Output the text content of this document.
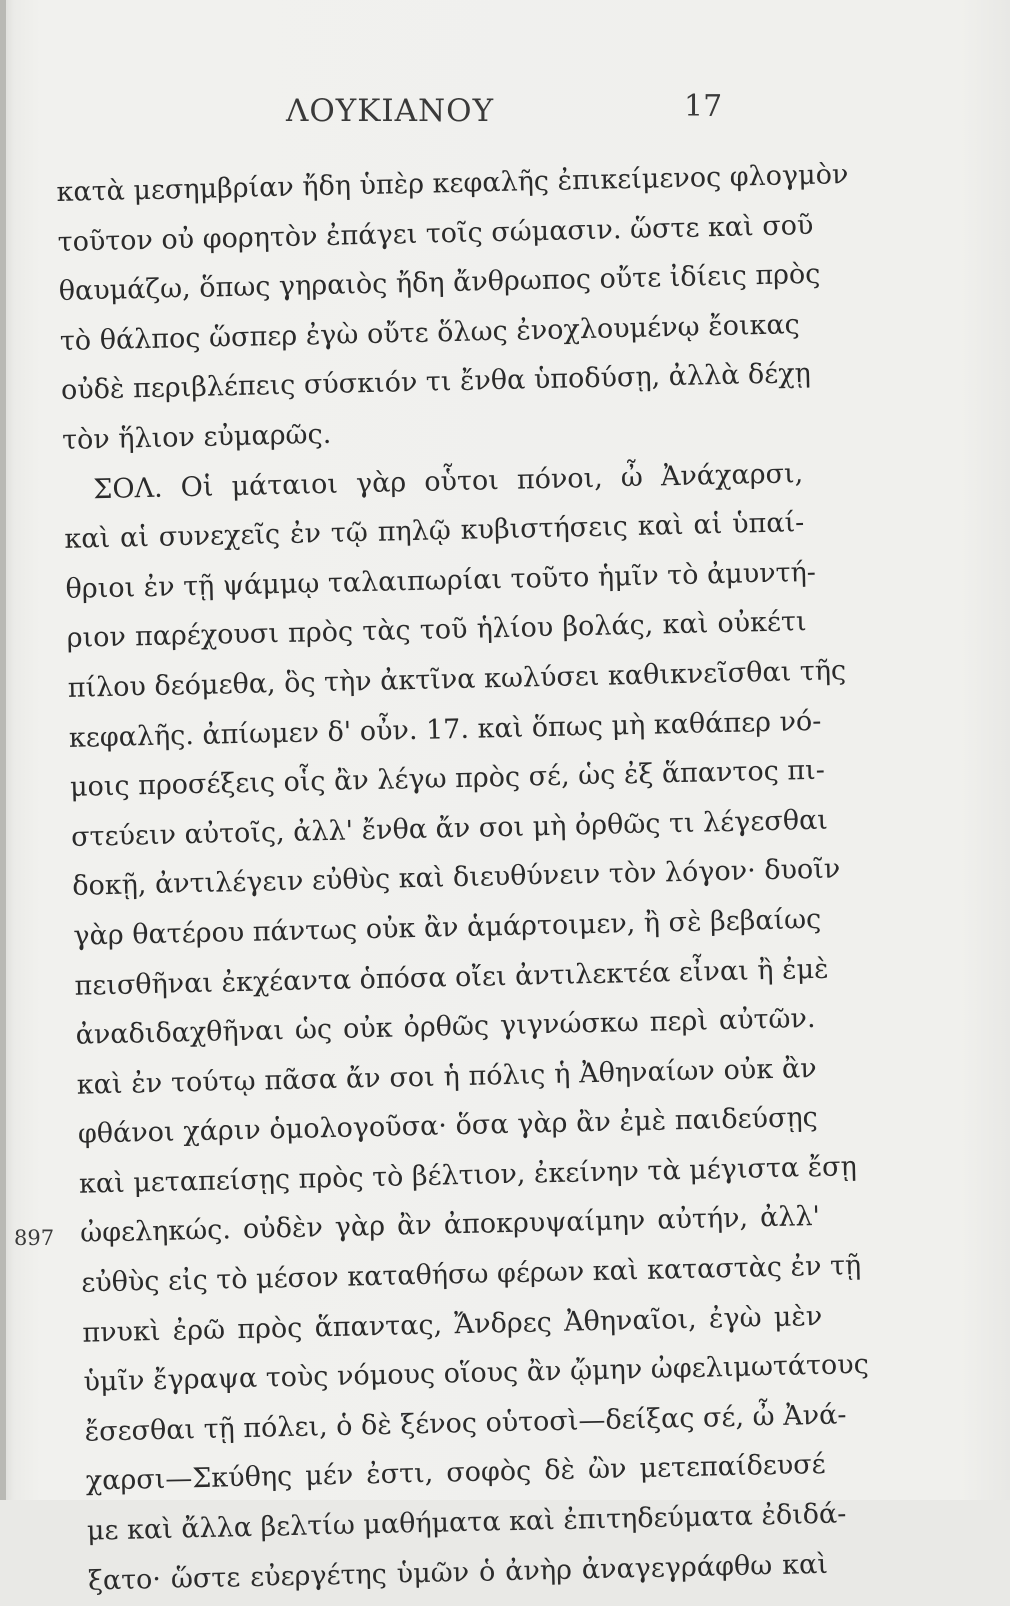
ΛΟΥΚΙΑΝΟΥ	17
κατὰ μεσημβρίαν ἤδη ὑπὲρ κεφαλῆς ἐπικείμενος φλογμὸν
τοῦτον οὐ φορητὸν ἐπάγει τοῖς σώμασιν. ὥστε καὶ σοῦ
θαυμάζω, ὅπως γηραιὸς ἤδη ἄνθρωπος οὔτε ἰδίεις πρὸς
τὸ θάλπος ὥσπερ ἐγὼ οὔτε ὅλως ἐνοχλουμένῳ ἔοικας
οὐδὲ περιβλέπεις σύσκιόν τι ἔνθα ὑποδύσῃ, ἀλλὰ δέχῃ
τὸν ἥλιον εὐμαρῶς.
ΣΟΛ. Οἱ μάταιοι γὰρ οὗτοι πόνοι, ὦ Ἀνάχαρσι,
καὶ αἱ συνεχεῖς ἐν τῷ πηλῷ κυβιστήσεις καὶ αἱ ὑπαί-
θριοι ἐν τῇ ψάμμῳ ταλαιπωρίαι τοῦτο ἡμῖν τὸ ἀμυντή-
ριον παρέχουσι πρὸς τὰς τοῦ ἡλίου βολάς, καὶ οὐκέτι
πίλου δεόμεθα, ὃς τὴν ἀκτῖνα κωλύσει καθικνεῖσθαι τῆς
κεφαλῆς. ἀπίωμεν δ' οὖν. 17. καὶ ὅπως μὴ καθάπερ νό-
μοις προσέξεις οἷς ἂν λέγω πρὸς σέ, ὡς ἐξ ἅπαντος πι-
στεύειν αὐτοῖς, ἀλλ' ἔνθα ἄν σοι μὴ ὀρθῶς τι λέγεσθαι
δοκῇ, ἀντιλέγειν εὐθὺς καὶ διευθύνειν τὸν λόγον· δυοῖν
γὰρ θατέρου πάντως οὐκ ἂν ἁμάρτοιμεν, ἢ σὲ βεβαίως
πεισθῆναι ἐκχέαντα ὁπόσα οἴει ἀντιλεκτέα εἶναι ἢ ἐμὲ
ἀναδιδαχθῆναι ὡς οὐκ ὀρθῶς γιγνώσκω περὶ αὐτῶν.
καὶ ἐν τούτῳ πᾶσα ἄν σοι ἡ πόλις ἡ Ἀθηναίων οὐκ ἂν
φθάνοι χάριν ὁμολογοῦσα· ὅσα γὰρ ἂν ἐμὲ παιδεύσῃς
καὶ μεταπείσῃς πρὸς τὸ βέλτιον, ἐκείνην τὰ μέγιστα ἔσῃ
ὠφεληκώς. οὐδὲν γὰρ ἂν ἀποκρυψαίμην αὐτήν, ἀλλ'
εὐθὺς εἰς τὸ μέσον καταθήσω φέρων καὶ καταστὰς ἐν τῇ
πνυκὶ ἐρῶ πρὸς ἅπαντας, Ἄνδρες Ἀθηναῖοι, ἐγὼ μὲν
ὑμῖν ἔγραψα τοὺς νόμους οἵους ἂν ᾤμην ὠφελιμωτάτους
ἔσεσθαι τῇ πόλει, ὁ δὲ ξένος οὑτοσὶ—δείξας σέ, ὦ Ἀνά-
χαρσι—Σκύθης μέν ἐστι, σοφὸς δὲ ὢν μετεπαίδευσέ
με καὶ ἄλλα βελτίω μαθήματα καὶ ἐπιτηδεύματα ἐδιδά-
ξατο· ὥστε εὐεργέτης ὑμῶν ὁ ἀνὴρ ἀναγεγράφθω καὶ
897
